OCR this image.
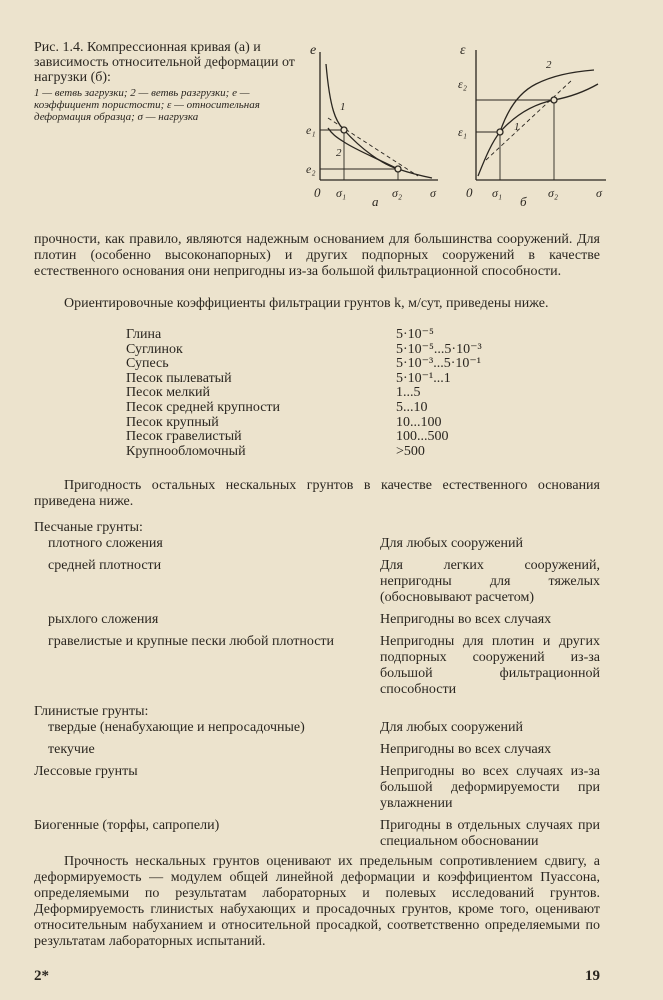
Рис. 1.4. Компрессионная кривая (а) и зависимость относительной деформации от нагрузки (б):
1 — ветвь загрузки; 2 — ветвь разгрузки; e — коэффициент пористости; ε — относительная деформация образца; σ — нагрузка
e
e₁
e₂
1
2
0 σ₁	σ₂ σ
а
ε
ε₂
ε₁
2
1
0 σ₁	σ₂	σ
б
прочности, как правило, являются надежным основанием для большинства сооружений. Для плотин (особенно высоконапорных) и других подпорных сооружений в качестве естественного основания они непригодны из-за большой фильтрационной способности.
Ориентировочные коэффициенты фильтрации грунтов k, м/сут, приведены ниже.
Глина	5·10⁻⁵
Суглинок	5·10⁻⁵...5·10⁻³
Супесь	5·10⁻³...5·10⁻¹
Песок пылеватый	5·10⁻¹...1
Песок мелкий	1...5
Песок средней крупности	5...10
Песок крупный	10...100
Песок гравелистый	100...500
Крупнообломочный	>500
Пригодность остальных нескальных грунтов в качестве естественного основания приведена ниже.
Песчаные грунты:	
плотного сложения	Для любых сооружений

средней плотности	Для легких сооружений, непригодны для тяжелых (обосновывают расчетом)

рыхлого сложения	Непригодны во всех случаях

гравелистые и крупные пески любой плотности	Непригодны для плотин и других подпорных сооружений из-за большой фильтрационной способности

Глинистые грунты:	
твердые (ненабухающие и непросадочные)	Для любых сооружений

текучие	Непригодны во всех случаях

Лессовые грунты	Непригодны во всех случаях из-за большой деформируемости при увлажнении

Биогенные (торфы, сапропели)	Пригодны в отдельных случаях при специальном обосновании
Прочность нескальных грунтов оценивают их предельным сопротивлением сдвигу, а деформируемость — модулем общей линейной деформации и коэффициентом Пуассона, определяемыми по результатам лабораторных и полевых исследований грунтов. Деформируемость глинистых набухающих и просадочных грунтов, кроме того, оценивают относительным набуханием и относительной просадкой, соответственно определяемыми по результатам лабораторных испытаний.
2*	19
